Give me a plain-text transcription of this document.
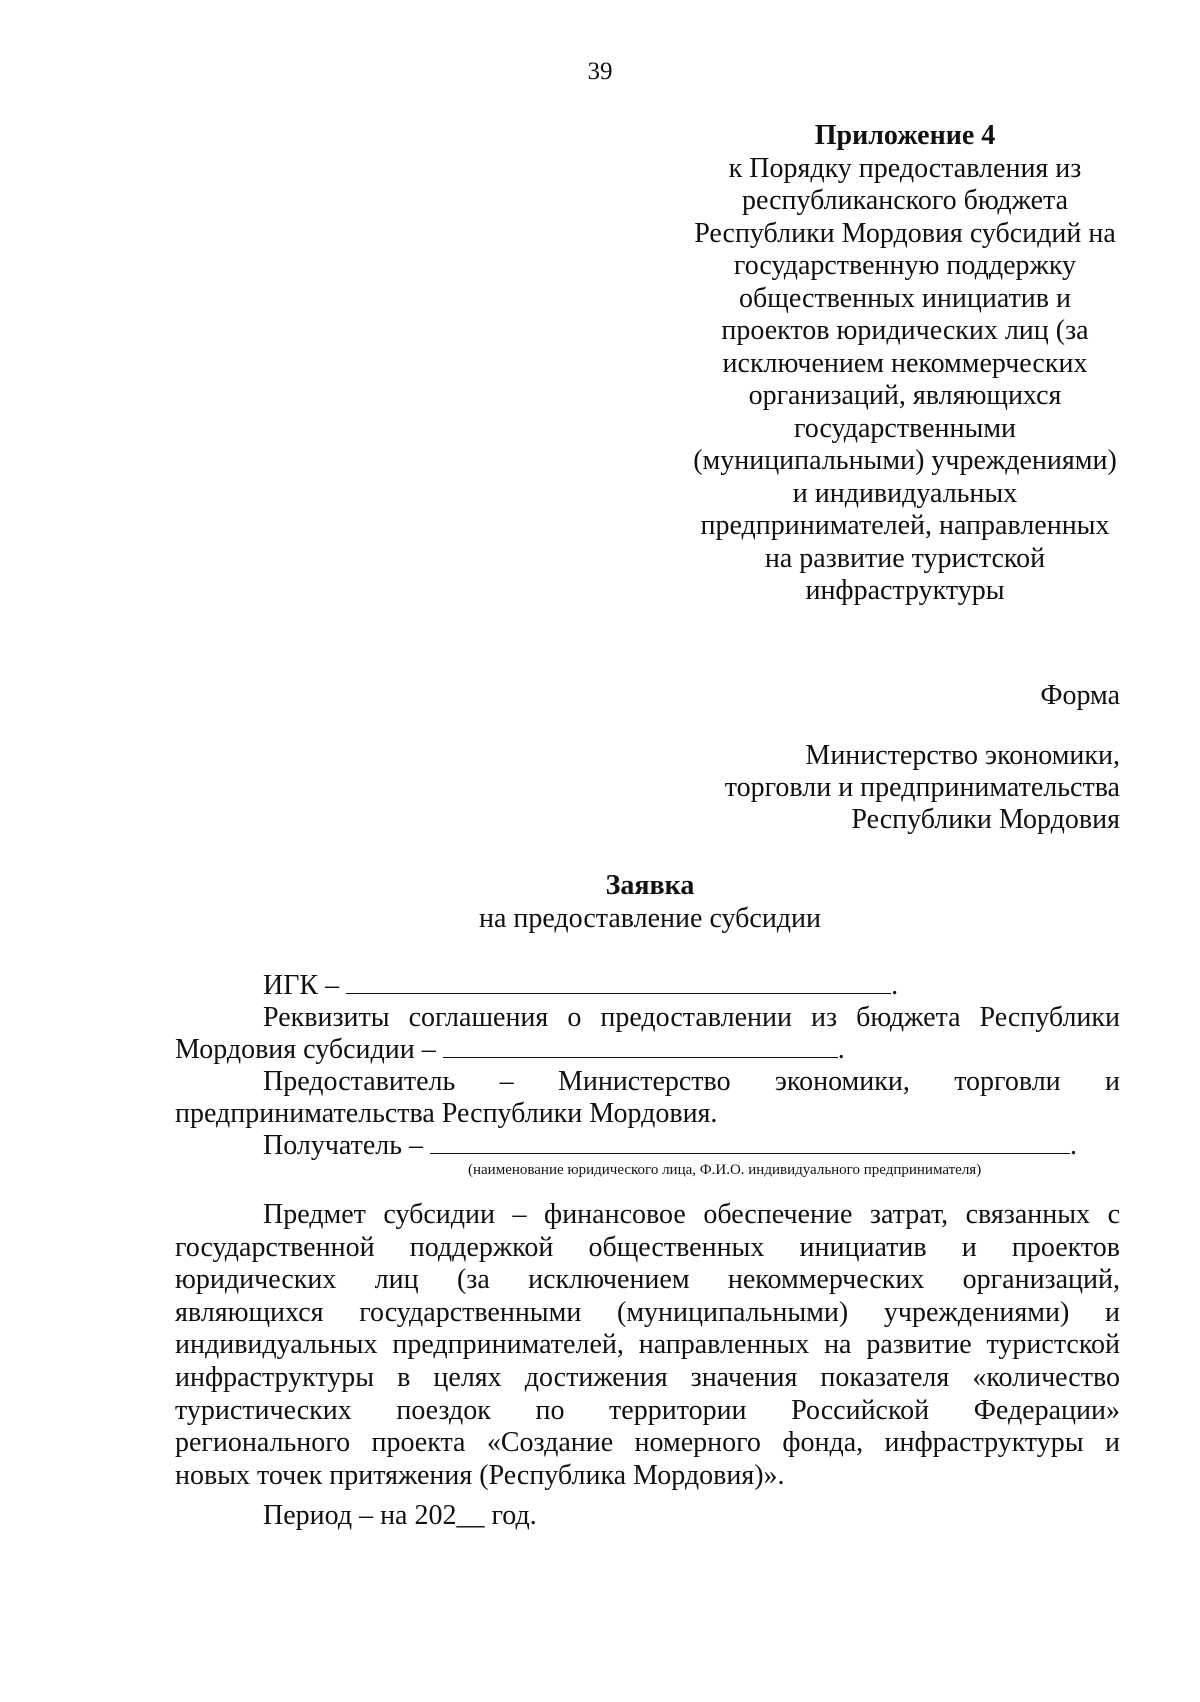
39
Приложение 4
к Порядку предоставления из
республиканского бюджета
Республики Мордовия субсидий на
государственную поддержку
общественных инициатив и
проектов юридических лиц (за
исключением некоммерческих
организаций, являющихся
государственными
(муниципальными) учреждениями)
и индивидуальных
предпринимателей, направленных
на развитие туристской
инфраструктуры
Форма
Министерство экономики,
торговли и предпринимательства
Республики Мордовия
Заявка
на предоставление субсидии
ИГК –	.
Реквизиты соглашения о предоставлении из бюджета Республики
Мордовия субсидии –	.
Предоставитель – Министерство экономики, торговли и
предпринимательства Республики Мордовия.
Получатель –	.
(наименование юридического лица, Ф.И.О. индивидуального предпринимателя)
Предмет субсидии – финансовое обеспечение затрат, связанных с
государственной поддержкой общественных инициатив и проектов
юридических лиц (за исключением некоммерческих организаций,
являющихся государственными (муниципальными) учреждениями) и
индивидуальных предпринимателей, направленных на развитие туристской
инфраструктуры в целях достижения значения показателя «количество
туристических поездок по территории Российской Федерации»
регионального проекта «Создание номерного фонда, инфраструктуры и
новых точек притяжения (Республика Мордовия)».
Период – на 202__ год.
